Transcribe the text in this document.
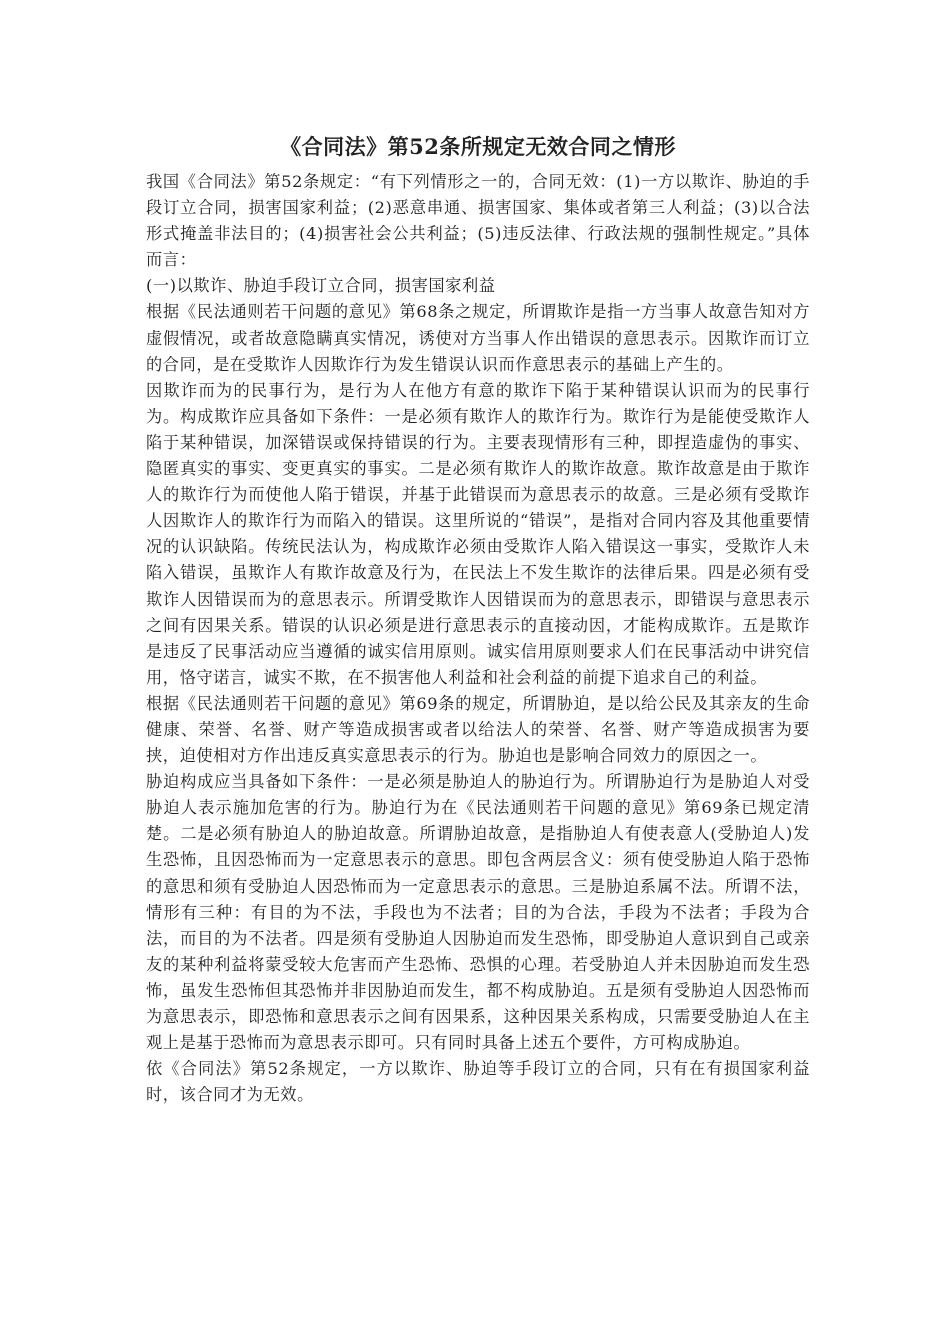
《合同法》第52条所规定无效合同之情形

我国《合同法》第52条规定：“有下列情形之一的，合同无效：(1)一方以欺诈、胁迫的手段订立合同，损害国家利益；(2)恶意串通、损害国家、集体或者第三人利益；(3)以合法形式掩盖非法目的；(4)损害社会公共利益；(5)违反法律、行政法规的强制性规定。”具体而言：

(一)以欺诈、胁迫手段订立合同，损害国家利益

根据《民法通则若干问题的意见》第68条之规定，所谓欺诈是指一方当事人故意告知对方虚假情况，或者故意隐瞒真实情况，诱使对方当事人作出错误的意思表示。因欺诈而订立的合同，是在受欺诈人因欺诈行为发生错误认识而作意思表示的基础上产生的。

因欺诈而为的民事行为，是行为人在他方有意的欺诈下陷于某种错误认识而为的民事行为。构成欺诈应具备如下条件：一是必须有欺诈人的欺诈行为。欺诈行为是能使受欺诈人陷于某种错误，加深错误或保持错误的行为。主要表现情形有三种，即捏造虚伪的事实、隐匿真实的事实、变更真实的事实。二是必须有欺诈人的欺诈故意。欺诈故意是由于欺诈人的欺诈行为而使他人陷于错误，并基于此错误而为意思表示的故意。三是必须有受欺诈人因欺诈人的欺诈行为而陷入的错误。这里所说的“错误”，是指对合同内容及其他重要情况的认识缺陷。传统民法认为，构成欺诈必须由受欺诈人陷入错误这一事实，受欺诈人未陷入错误，虽欺诈人有欺诈故意及行为，在民法上不发生欺诈的法律后果。四是必须有受欺诈人因错误而为的意思表示。所谓受欺诈人因错误而为的意思表示，即错误与意思表示之间有因果关系。错误的认识必须是进行意思表示的直接动因，才能构成欺诈。五是欺诈是违反了民事活动应当遵循的诚实信用原则。诚实信用原则要求人们在民事活动中讲究信用，恪守诺言，诚实不欺，在不损害他人利益和社会利益的前提下追求自己的利益。

根据《民法通则若干问题的意见》第69条的规定，所谓胁迫，是以给公民及其亲友的生命健康、荣誉、名誉、财产等造成损害或者以给法人的荣誉、名誉、财产等造成损害为要挟，迫使相对方作出违反真实意思表示的行为。胁迫也是影响合同效力的原因之一。

胁迫构成应当具备如下条件：一是必须是胁迫人的胁迫行为。所谓胁迫行为是胁迫人对受胁迫人表示施加危害的行为。胁迫行为在《民法通则若干问题的意见》第69条已规定清楚。二是必须有胁迫人的胁迫故意。所谓胁迫故意，是指胁迫人有使表意人(受胁迫人)发生恐怖，且因恐怖而为一定意思表示的意思。即包含两层含义：须有使受胁迫人陷于恐怖的意思和须有受胁迫人因恐怖而为一定意思表示的意思。三是胁迫系属不法。所谓不法，情形有三种：有目的为不法，手段也为不法者；目的为合法，手段为不法者；手段为合法，而目的为不法者。四是须有受胁迫人因胁迫而发生恐怖，即受胁迫人意识到自己或亲友的某种利益将蒙受较大危害而产生恐怖、恐惧的心理。若受胁迫人并未因胁迫而发生恐怖，虽发生恐怖但其恐怖并非因胁迫而发生，都不构成胁迫。五是须有受胁迫人因恐怖而为意思表示，即恐怖和意思表示之间有因果系，这种因果关系构成，只需要受胁迫人在主观上是基于恐怖而为意思表示即可。只有同时具备上述五个要件，方可构成胁迫。

依《合同法》第52条规定，一方以欺诈、胁迫等手段订立的合同，只有在有损国家利益时，该合同才为无效。
